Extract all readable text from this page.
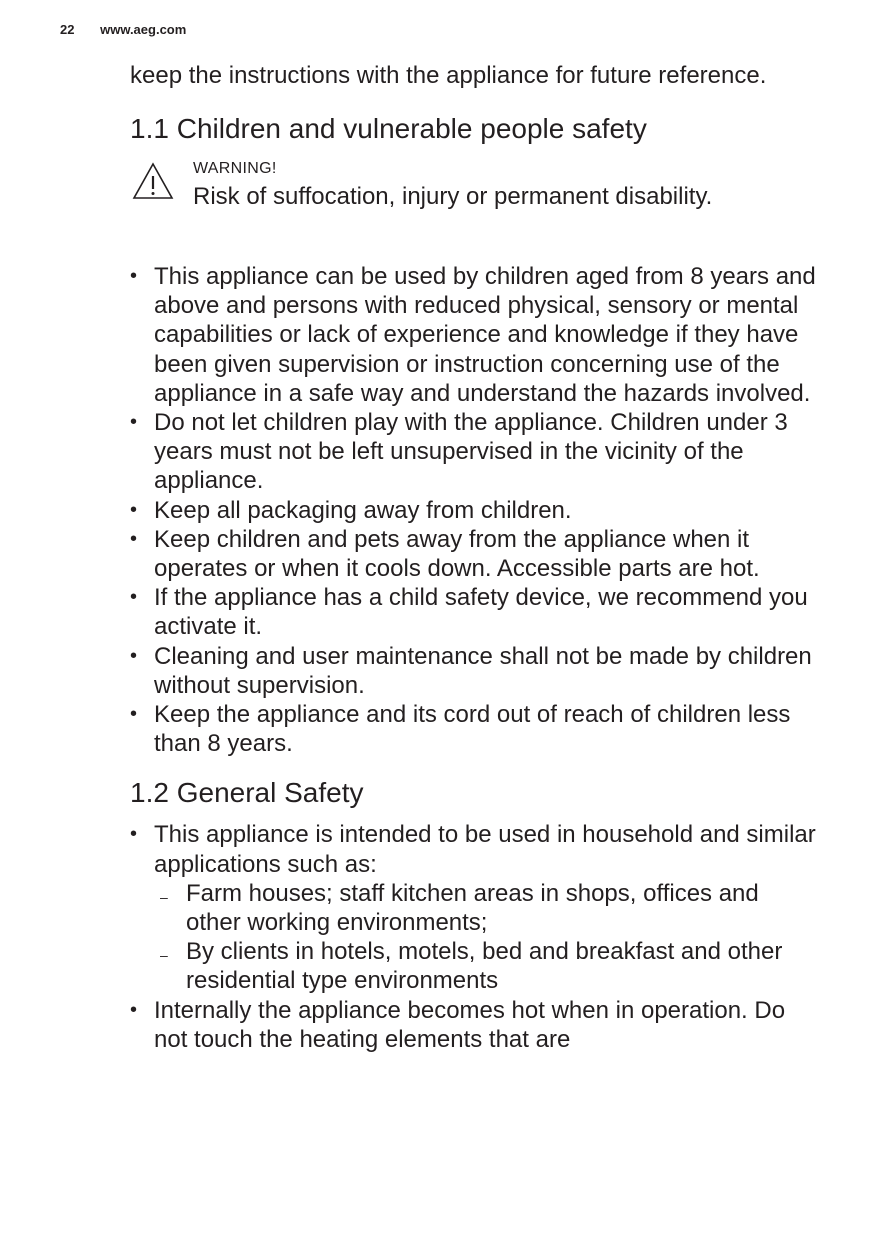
22 www.aeg.com

keep the instructions with the appliance for future reference.

1.1 Children and vulnerable people safety
WARNING!
Risk of suffocation, injury or permanent disability.
• This appliance can be used by children aged from 8 years and above and persons with reduced physical, sensory or mental capabilities or lack of experience and knowledge if they have been given supervision or instruction concerning use of the appliance in a safe way and understand the hazards involved.
• Do not let children play with the appliance. Children under 3 years must not be left unsupervised in the vicinity of the appliance.
• Keep all packaging away from children.
• Keep children and pets away from the appliance when it operates or when it cools down. Accessible parts are hot.
• If the appliance has a child safety device, we recommend you activate it.
• Cleaning and user maintenance shall not be made by children without supervision.
• Keep the appliance and its cord out of reach of children less than 8 years.
1.2 General Safety
• This appliance is intended to be used in household and similar applications such as:
– Farm houses; staff kitchen areas in shops, offices and other working environments;
– By clients in hotels, motels, bed and breakfast and other residential type environments
• Internally the appliance becomes hot when in operation. Do not touch the heating elements that are
